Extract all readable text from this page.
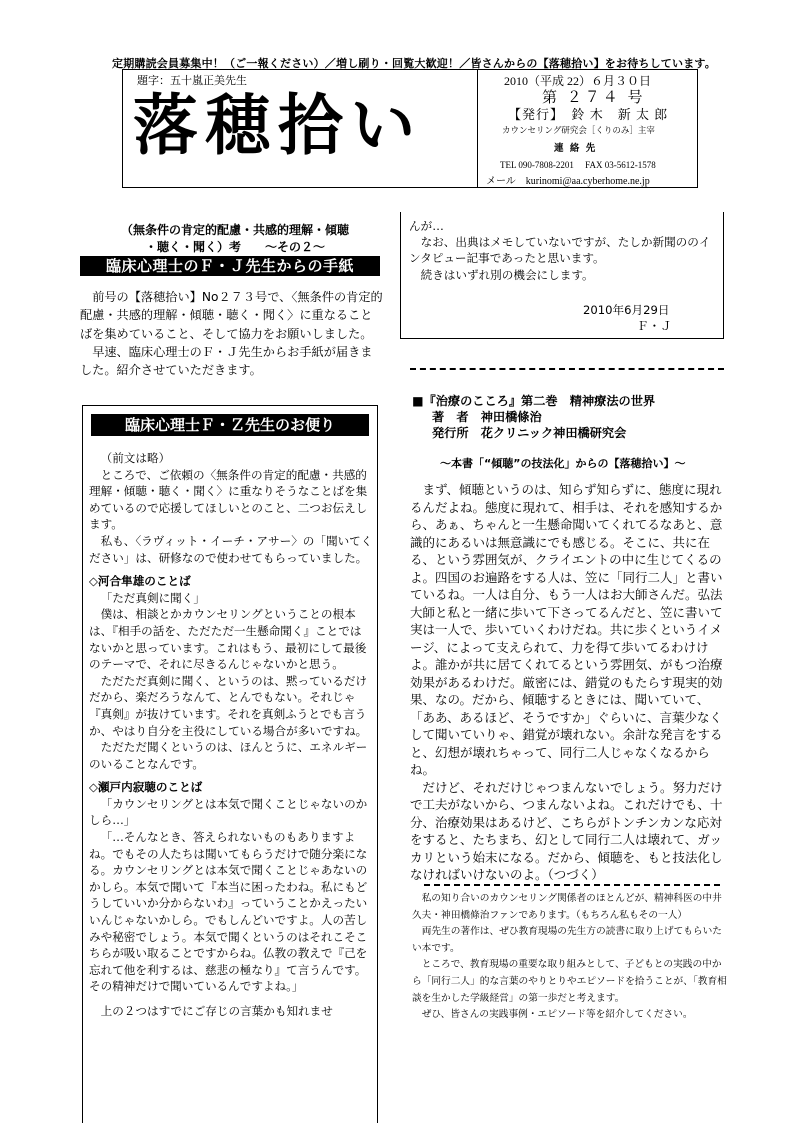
定期購読会員募集中！（ご一報ください）／増し刷り・回覧大歓迎！／皆さんからの【落穂拾い】をお待ちしています。
題字：五十嵐正美先生
落穂拾い
2010（平成 22）６月３０日
第 ２７４ 号
【発行】　鈴 木　新 太 郎
カウンセリング研究会［くりのみ］主宰
連 絡 先
TEL 090-7808-2201　 FAX 03-5612-1578
メール　kurinomi@aa.cyberhome.ne.jp
（無条件の肯定的配慮・共感的理解・傾聴
・聴く・聞く）考　　～その２～
臨床心理士のＦ・Ｊ先生からの手紙

前号の【落穂拾い】No２７３号で、〈無条件の肯定的配慮・共感的理解・傾聴・聴く・聞く〉に重なることばを集めていること、そして協力をお願いしました。

早速、臨床心理士のＦ・Ｊ先生からお手紙が届きました。紹介させていただきます。

臨床心理士Ｆ・Ｚ先生のお便り

（前文は略）

ところで、ご依頼の〈無条件の肯定的配慮・共感的理解・傾聴・聴く・聞く〉に重なりそうなことばを集めているので応援してほしいとのこと、二つお伝えします。

私も、〈ラヴィット・イーチ・アサー〉の「聞いてください」は、研修なので使わせてもらっていました。

◇河合隼雄のことば

「ただ真剣に聞く」

僕は、相談とかカウンセリングということの根本は、『相手の話を、ただただ一生懸命聞く』ことではないかと思っています。これはもう、最初にして最後のテーマで、それに尽きるんじゃないかと思う。

ただただ真剣に聞く、というのは、黙っているだけだから、楽だろうなんて、とんでもない。それじゃ『真剣』が抜けています。それを真剣ふうとでも言うか、やはり自分を主役にしている場合が多いですね。

ただただ聞くというのは、ほんとうに、エネルギーのいることなんです。

◇瀬戸内寂聴のことば

「カウンセリングとは本気で聞くことじゃないのかしら…」

「…そんなとき、答えられないものもありますよね。でもその人たちは聞いてもらうだけで随分楽になる。カウンセリングとは本気で聞くことじゃあないのかしら。本気で聞いて『本当に困ったわね。私にもどうしていいか分からないわ』っていうことかえったいいんじゃないかしら。でもしんどいですよ。人の苦しみや秘密でしょう。本気で聞くというのはそれこそこちらが吸い取ることですからね。仏教の教えで『己を忘れて他を利するは、慈悲の極なり』て言うんです。その精神だけで聞いているんですよね。」

上の２つはすでにご存じの言葉かも知れませ

んが…

なお、出典はメモしていないですが、たしか新聞ののインタピュー記事であったと思います。

続きはいずれ別の機会にします。

2010年6月29日
Ｆ・Ｊ
■『治療のこころ』第二巻　精神療法の世界
著　者　神田橋條治
発行所　花クリニック神田橋研究会
～本書「“傾聴”の技法化」からの【落穂拾い】～

まず、傾聴というのは、知らず知らずに、態度に現れるんだよね。態度に現れて、相手は、それを感知するから、あぁ、ちゃんと一生懸命聞いてくれてるなあと、意識的にあるいは無意識にでも感じる。そこに、共に在る、という雰囲気が、クライエントの中に生じてくるのよ。四国のお遍路をする人は、笠に「同行二人」と書いているね。一人は自分、もう一人はお大師さんだ。弘法大師と私と一緒に歩いて下さってるんだと、笠に書いて実は一人で、歩いていくわけだね。共に歩くというイメージ、によって支えられて、力を得て歩いてるわけけよ。誰かが共に居てくれてるという雰囲気、がもつ治療効果があるわけだ。厳密には、錯覚のもたらす現実的効果、なの。だから、傾聴するときには、聞いていて、「ああ、あるほど、そうですか」ぐらいに、言葉少なくして聞いていりゃ、錯覚が壊れない。余計な発言をすると、幻想が壊れちゃって、同行二人じゃなくなるからね。

だけど、それだけじゃつまんないでしょう。努力だけで工夫がないから、つまんないよね。これだけでも、十分、治療効果はあるけど、こちらがトンチンカンな応対をすると、たちまち、幻として同行二人は壊れて、ガッカリという始末になる。だから、傾聴を、もと技法化しなければいけないのよ。（つづく）

私の知り合いのカウンセリング関係者のほとんどが、精神科医の中井久夫・神田橋條治ファンであります。（もちろん私もその一人）

両先生の著作は、ぜひ教育現場の先生方の読書に取り上げてもらいたい本です。

ところで、教育現場の重要な取り組みとして、子どもとの実践の中から「同行二人」的な言葉のやりとりやエピソードを拾うことが、「教育相談を生かした学級経営」の第一歩だと考えます。

ぜひ、皆さんの実践事例・エピソード等を紹介してください。
